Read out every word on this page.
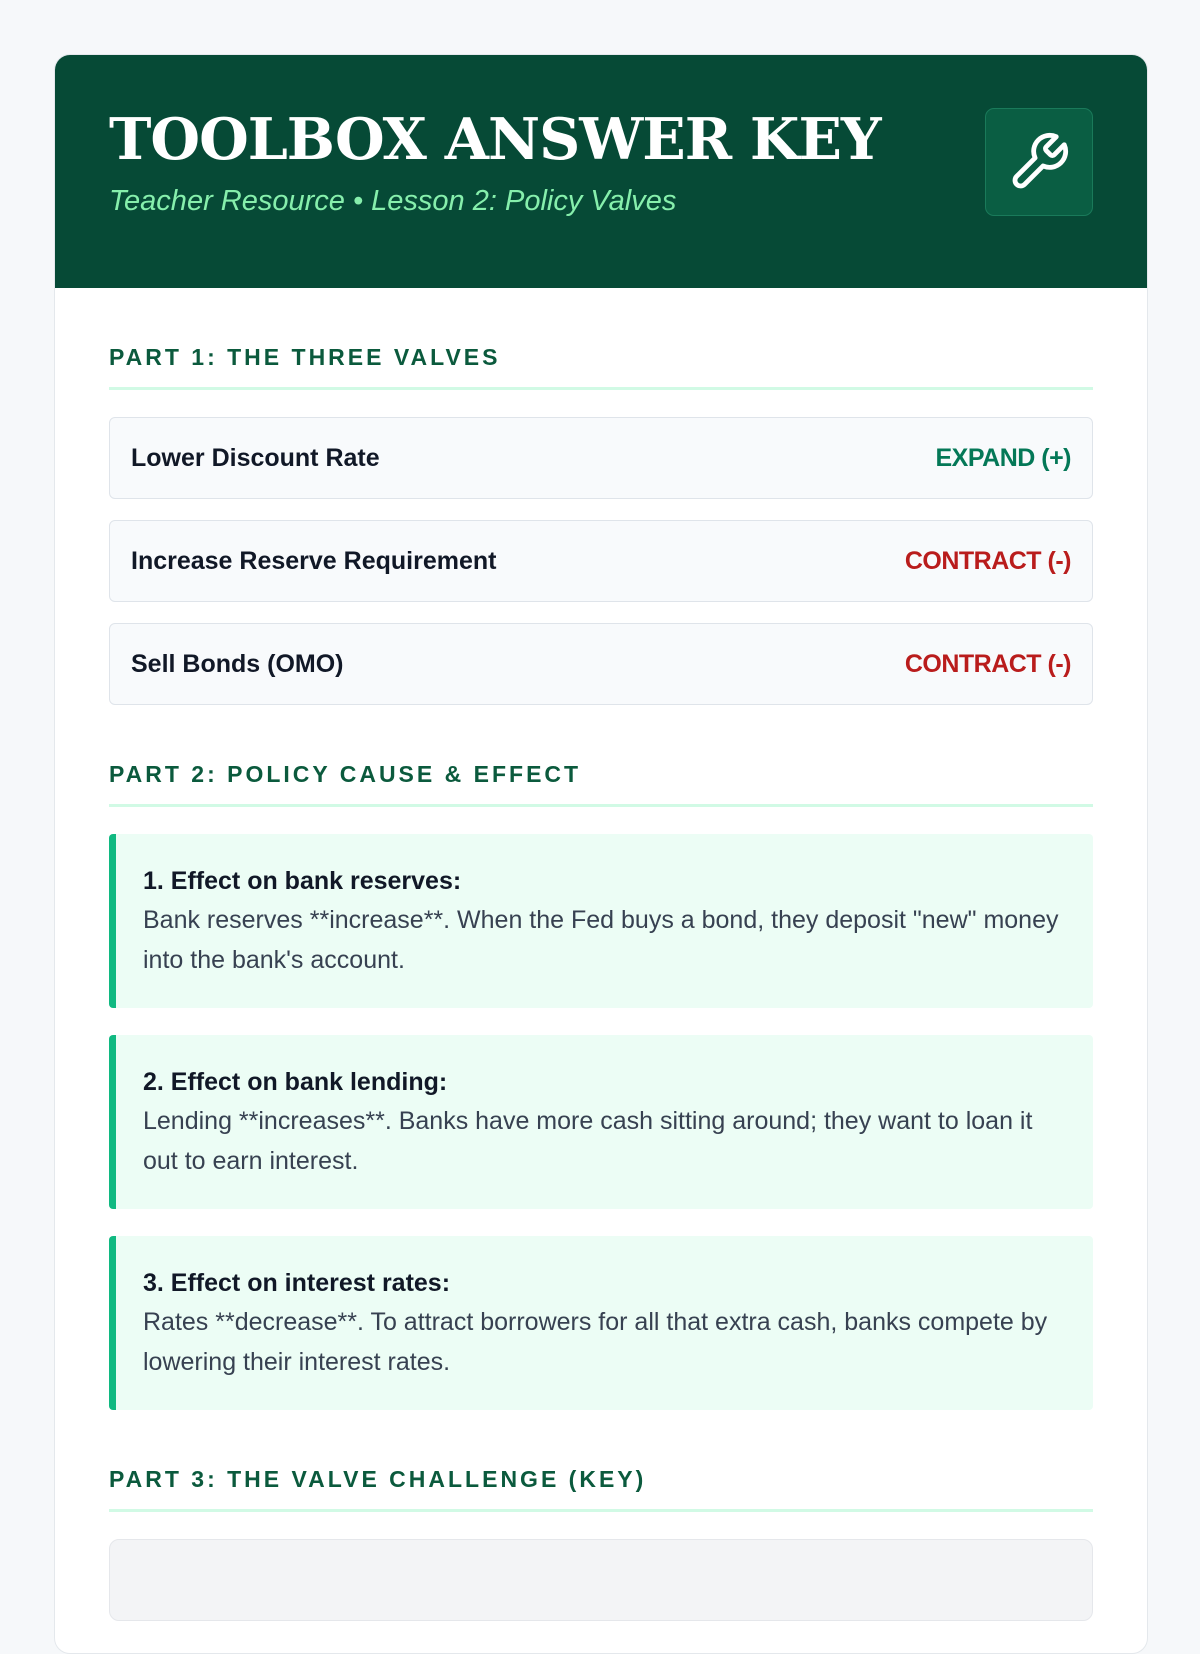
TOOLBOX ANSWER KEY
Teacher Resource • Lesson 2: Policy Valves
PART 1: THE THREE VALVES
Lower Discount Rate	EXPAND (+)
Increase Reserve Requirement	CONTRACT (-)
Sell Bonds (OMO)	CONTRACT (-)
PART 2: POLICY CAUSE & EFFECT
1. Effect on bank reserves:
Bank reserves **increase**. When the Fed buys a bond, they deposit "new" money into the bank's account.
2. Effect on bank lending:
Lending **increases**. Banks have more cash sitting around; they want to loan it out to earn interest.
3. Effect on interest rates:
Rates **decrease**. To attract borrowers for all that extra cash, banks compete by lowering their interest rates.
PART 3: THE VALVE CHALLENGE (KEY)
